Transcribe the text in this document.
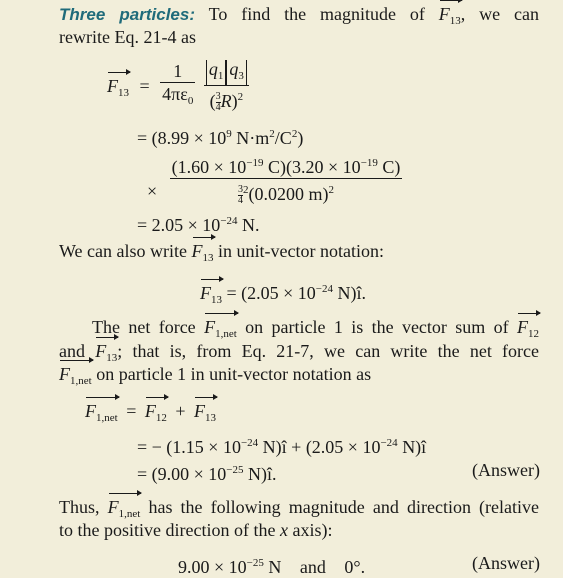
Three particles: To find the magnitude of $F_{13}$, we can
rewrite Eq. 21-4 as
$F_{13} = \frac{1}{4\pi\varepsilon_0}$
$\frac{q_1 q_3}{( \frac{3}{4} R)^2}$
= ($8.99 \times 10^9$ $N\cdot m^2/C^2$)
× $\frac{(1.60 \times 10^{-19} C)(3.20 \times 10^{-19} C)}{\frac{3}{4} ^2(0.0200 m)^2}$
= $2.05 \times 10^{-24}$ N.
We can also write $F_{13}$ in unit-vector notation:
$F_{13} = (2.05 \times 10^{-24}$ N)î.
The net force $F_{1,net}$ on particle 1 is the vector sum of $F_{12}$
and $F_{13}$; that is, from Eq. 21-7, we can write the net force
$F_{1,net}$ on particle 1 in unit-vector notation as
$F_{1,net} = F_{12} + F_{13}$
= − ($1.15 \times 10^{-24}$ N)î + ($2.05 \times 10^{-24}$ N)î
= ($9.00 \times 10^{-25}$ N)î.	(Answer)
Thus, $F_{1,net}$ has the following magnitude and direction (relative
to the positive direction of the x axis):
$9.00 \times 10^{-25}$ N and 0°.	(Answer)
